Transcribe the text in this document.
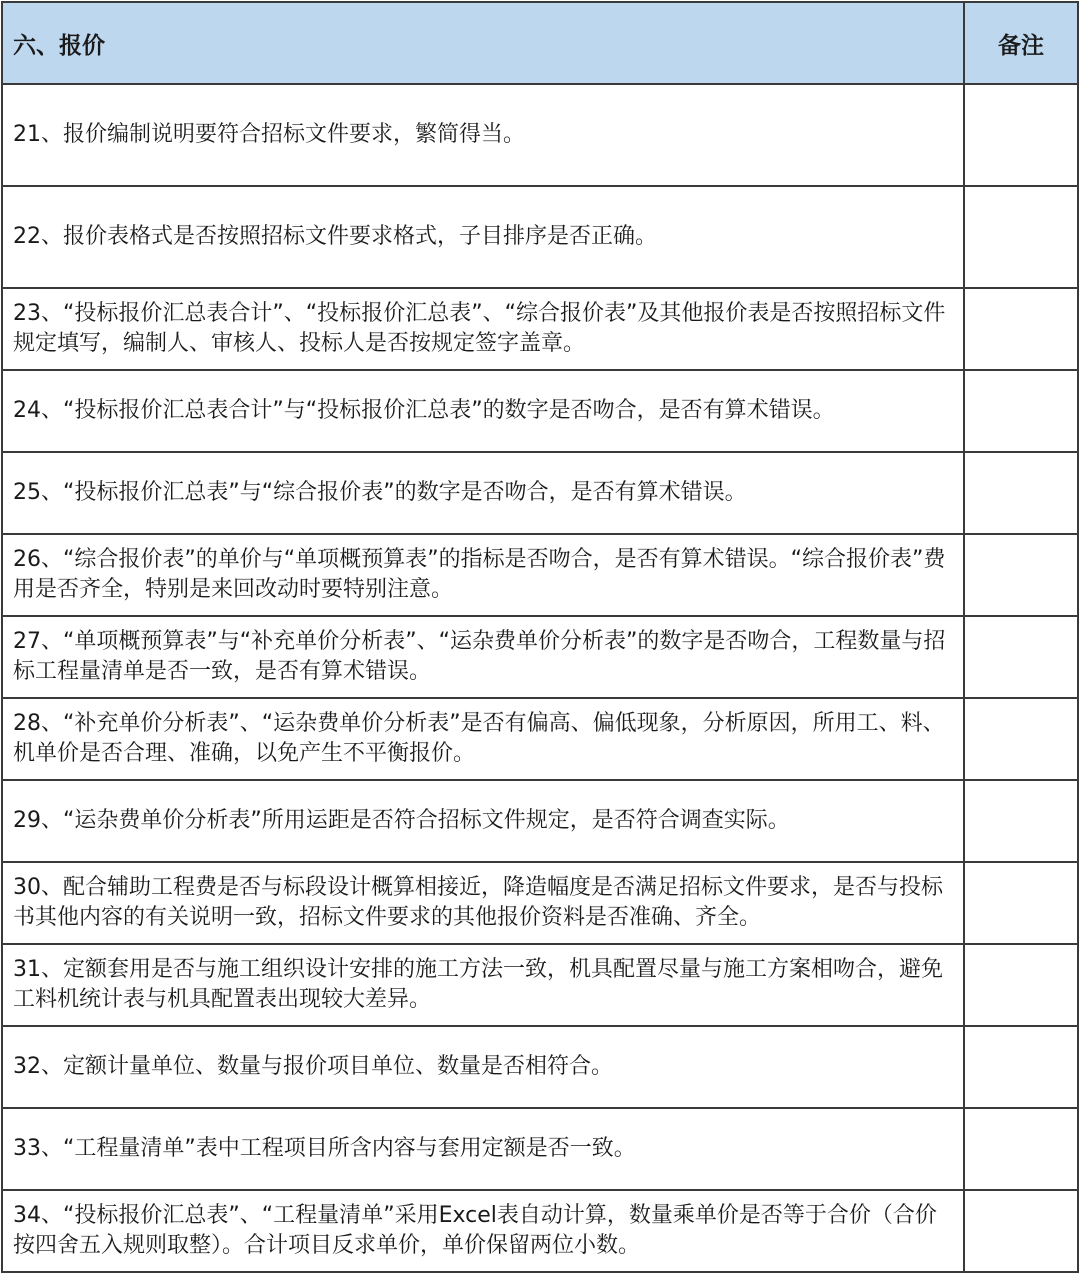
六、报价	备注
21、报价编制说明要符合招标文件要求，繁简得当。	
22、报价表格式是否按照招标文件要求格式，子目排序是否正确。	
23、“投标报价汇总表合计”、“投标报价汇总表”、“综合报价表”及其他报价表是否按照招标文件规定填写，编制人、审核人、投标人是否按规定签字盖章。	
24、“投标报价汇总表合计”与“投标报价汇总表”的数字是否吻合，是否有算术错误。	
25、“投标报价汇总表”与“综合报价表”的数字是否吻合，是否有算术错误。	
26、“综合报价表”的单价与“单项概预算表”的指标是否吻合，是否有算术错误。“综合报价表”费用是否齐全，特别是来回改动时要特别注意。	
27、“单项概预算表”与“补充单价分析表”、“运杂费单价分析表”的数字是否吻合，工程数量与招标工程量清单是否一致，是否有算术错误。	
28、“补充单价分析表”、“运杂费单价分析表”是否有偏高、偏低现象，分析原因，所用工、料、机单价是否合理、准确，以免产生不平衡报价。	
29、“运杂费单价分析表”所用运距是否符合招标文件规定，是否符合调查实际。	
30、配合辅助工程费是否与标段设计概算相接近，降造幅度是否满足招标文件要求，是否与投标书其他内容的有关说明一致，招标文件要求的其他报价资料是否准确、齐全。	
31、定额套用是否与施工组织设计安排的施工方法一致，机具配置尽量与施工方案相吻合，避免工料机统计表与机具配置表出现较大差异。	
32、定额计量单位、数量与报价项目单位、数量是否相符合。	
33、“工程量清单”表中工程项目所含内容与套用定额是否一致。	
34、“投标报价汇总表”、“工程量清单”采用Excel表自动计算，数量乘单价是否等于合价（合价按四舍五入规则取整）。合计项目反求单价，单价保留两位小数。	
